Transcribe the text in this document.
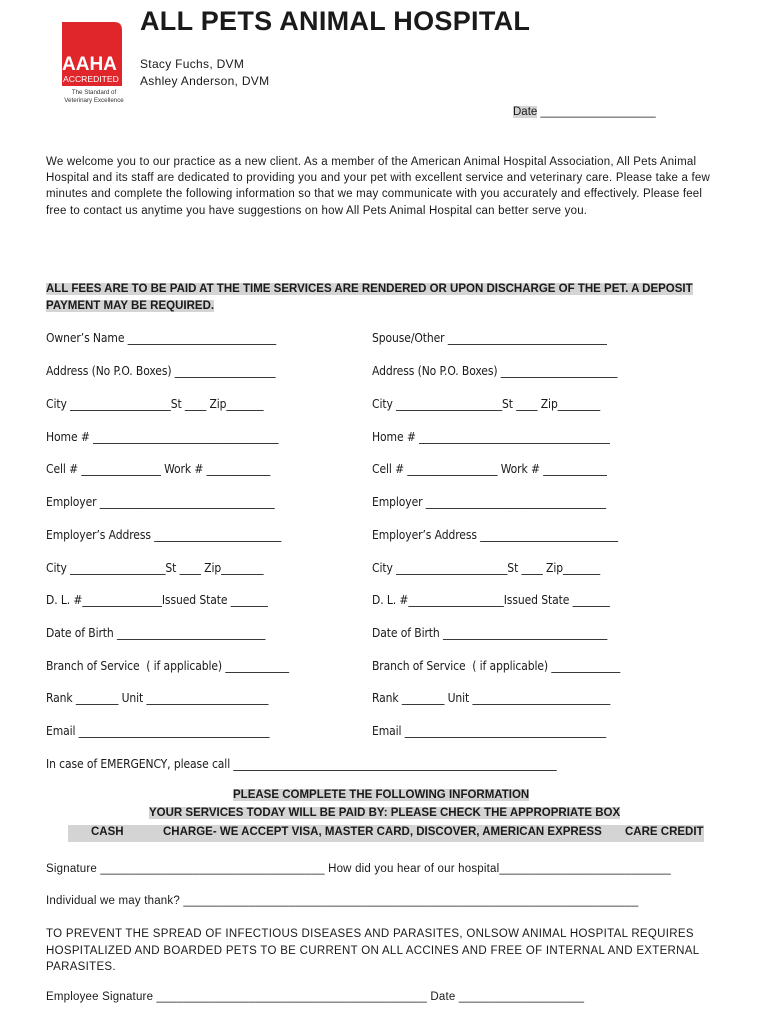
AAHA
ACCREDITED
The Standard of
Veterinary Excellence
ALL PETS ANIMAL HOSPITAL
Stacy Fuchs, DVM
Ashley Anderson, DVM
Date __________________
We welcome you to our practice as a new client. As a member of the American Animal Hospital Association, All Pets Animal Hospital and its staff are dedicated to providing you and your pet with excellent service and veterinary care. Please take a few minutes and complete the following information so that we may communicate with you accurately and effectively. Please feel free to contact us anytime you have suggestions on how All Pets Animal Hospital can better serve you.
ALL FEES ARE TO BE PAID AT THE TIME SERVICES ARE RENDERED OR UPON DISCHARGE OF THE PET. A DEPOSIT PAYMENT MAY BE REQUIRED.
Owner’s Name ____________________________
Address (No P.O. Boxes) ___________________
City ___________________St ____ Zip_______
Home # ___________________________________
Cell # _______________ Work # ____________
Employer _________________________________
Employer’s Address ________________________
City __________________St ____ Zip________
D. L. #_______________Issued State _______
Date of Birth ____________________________
Branch of Service  ( if applicable) ____________
Rank ________ Unit _______________________
Email ____________________________________
Spouse/Other ______________________________
Address (No P.O. Boxes) ______________________
City ____________________St ____ Zip________
Home # ____________________________________
Cell # _________________ Work # ____________
Employer __________________________________
Employer’s Address __________________________
City _____________________St ____ Zip_______
D. L. #__________________Issued State _______
Date of Birth _______________________________
Branch of Service  ( if applicable) _____________
Rank ________ Unit __________________________
Email ______________________________________
In case of EMERGENCY, please call _____________________________________________________________
PLEASE COMPLETE THE FOLLOWING INFORMATION
YOUR SERVICES TODAY WILL BE PAID BY: PLEASE CHECK THE APPROPRIATE BOX
CASH	CHARGE- WE ACCEPT VISA, MASTER CARD, DISCOVER, AMERICAN EXPRESS CARE CREDIT
Signature __________________________________ How did you hear of our hospital__________________________
Individual we may thank? _____________________________________________________________________
TO PREVENT THE SPREAD OF INFECTIOUS DISEASES AND PARASITES, ONLSOW ANIMAL HOSPITAL REQUIRES HOSPITALIZED AND BOARDED PETS TO BE CURRENT ON ALL ACCINES AND FREE OF INTERNAL AND EXTERNAL PARASITES.
Employee Signature _________________________________________ Date ___________________
